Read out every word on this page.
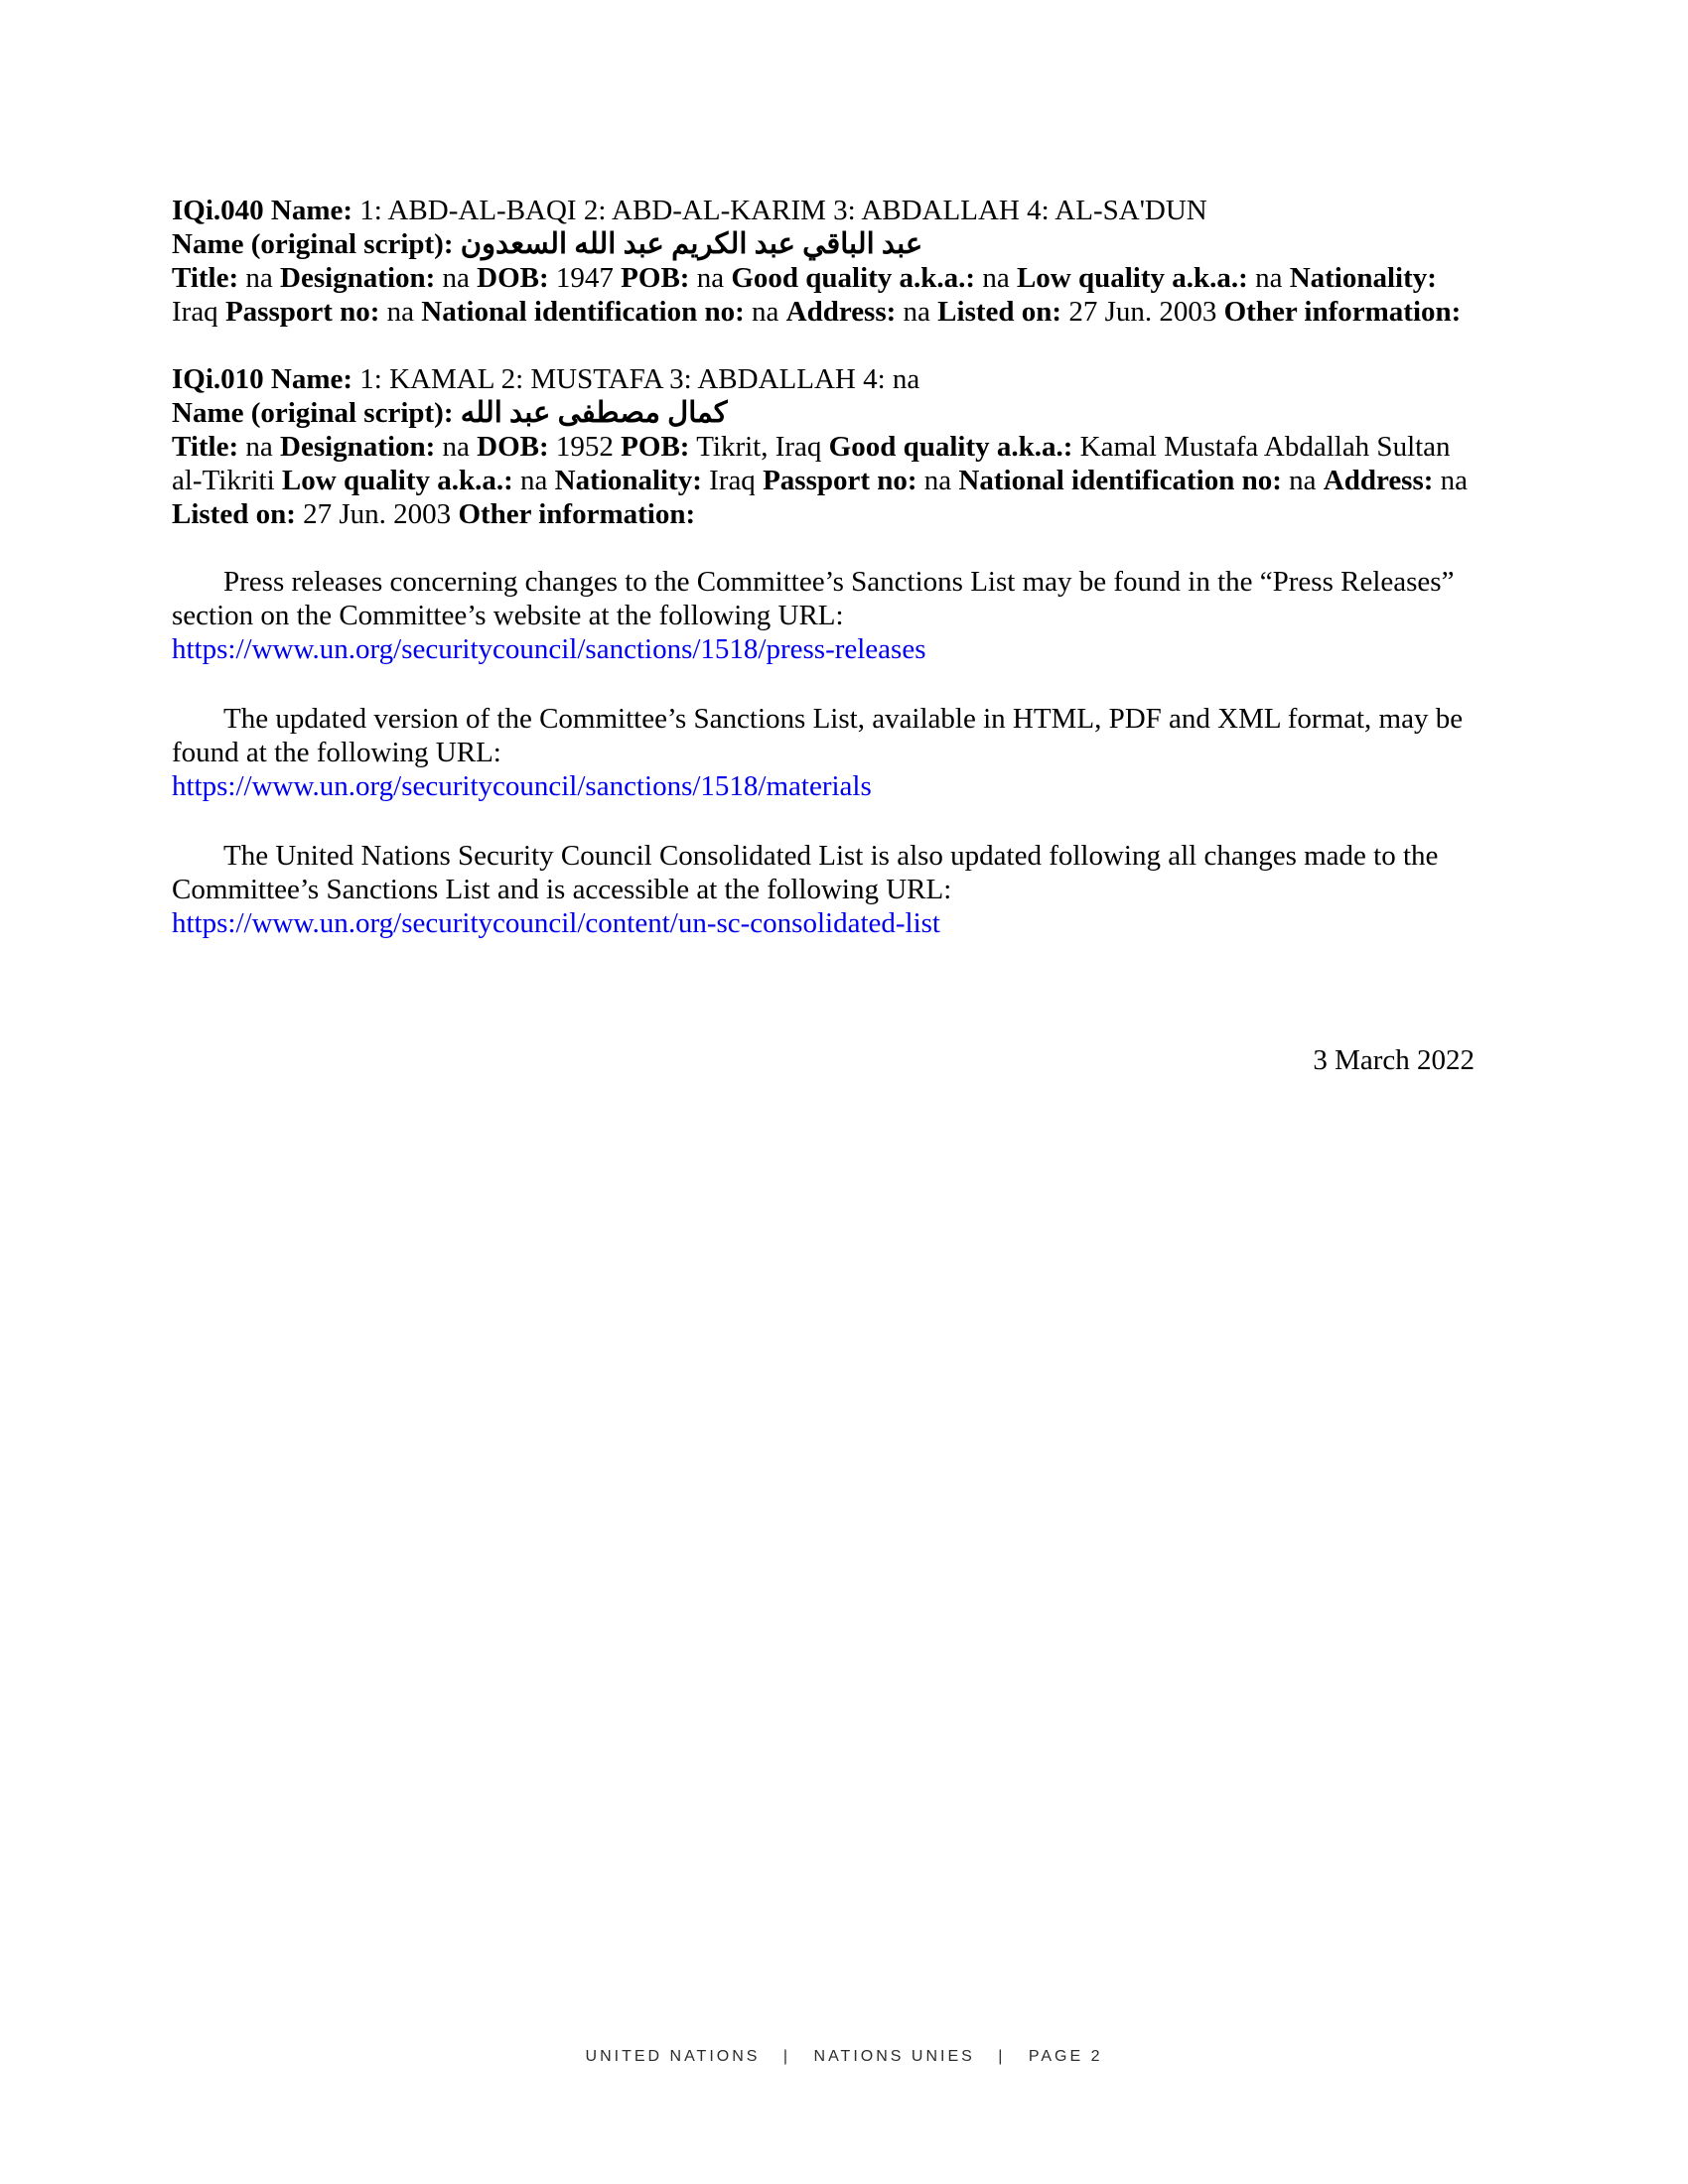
IQi.040 Name: 1: ABD-AL-BAQI 2: ABD-AL-KARIM 3: ABDALLAH 4: AL-SA'DUN
Name (original script): عبد الباقي عبد الكريم عبد الله السعدون
Title: na Designation: na DOB: 1947 POB: na Good quality a.k.a.: na Low quality a.k.a.: na Nationality: Iraq Passport no: na National identification no: na Address: na Listed on: 27 Jun. 2003 Other information:

IQi.010 Name: 1: KAMAL 2: MUSTAFA 3: ABDALLAH 4: na
Name (original script): كمال مصطفى عبد الله
Title: na Designation: na DOB: 1952 POB: Tikrit, Iraq Good quality a.k.a.: Kamal Mustafa Abdallah Sultan al-Tikriti Low quality a.k.a.: na Nationality: Iraq Passport no: na National identification no: na Address: na Listed on: 27 Jun. 2003 Other information:

Press releases concerning changes to the Committee’s Sanctions List may be found in the “Press Releases” section on the Committee’s website at the following URL:
https://www.un.org/securitycouncil/sanctions/1518/press-releases

The updated version of the Committee’s Sanctions List, available in HTML, PDF and XML format, may be found at the following URL:
https://www.un.org/securitycouncil/sanctions/1518/materials

The United Nations Security Council Consolidated List is also updated following all changes made to the Committee’s Sanctions List and is accessible at the following URL:
https://www.un.org/securitycouncil/content/un-sc-consolidated-list

3 March 2022
UNITED NATIONS | NATIONS UNIES | PAGE 2
